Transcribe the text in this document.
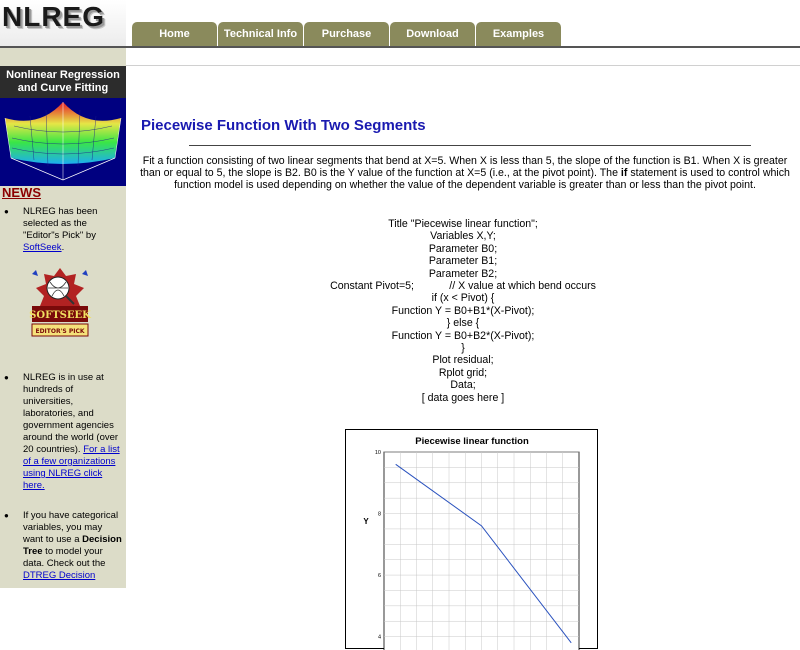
NLREG
Home	Technical Info	Purchase	Download	Examples
Nonlinear Regression
and Curve Fitting
NEWS
● NLREG has been selected as the "Editor"s Pick" by SoftSeek.
SOFTSEEK
EDITOR'S PICK
● NLREG is in use at hundreds of universities, laboratories, and government agencies around the world (over 20 countries). For a list of a few organizations using NLREG click here.
● If you have categorical variables, you may want to use a Decision Tree to model your data. Check out the DTREG Decision
Piecewise Function With Two Segments
Fit a function consisting of two linear segments that bend at X=5. When X is less than 5, the slope of the function is B1. When X is greater than or equal to 5, the slope is B2. B0 is the Y value of the function at X=5 (i.e., at the pivot point). The if statement is used to control which function model is used depending on whether the value of the dependent variable is greater than or less than the pivot point.
Title "Piecewise linear function";
Variables X,Y;
Parameter B0;
Parameter B1;
Parameter B2;
Constant Pivot=5;            // X value at which bend occurs
if (x < Pivot) {
Function Y = B0+B1*(X-Pivot);
} else {
Function Y = B0+B2*(X-Pivot);
}
Plot residual;
Rplot grid;
Data;
[ data goes here ]
Piecewise linear function
10
8
6
4
Y
